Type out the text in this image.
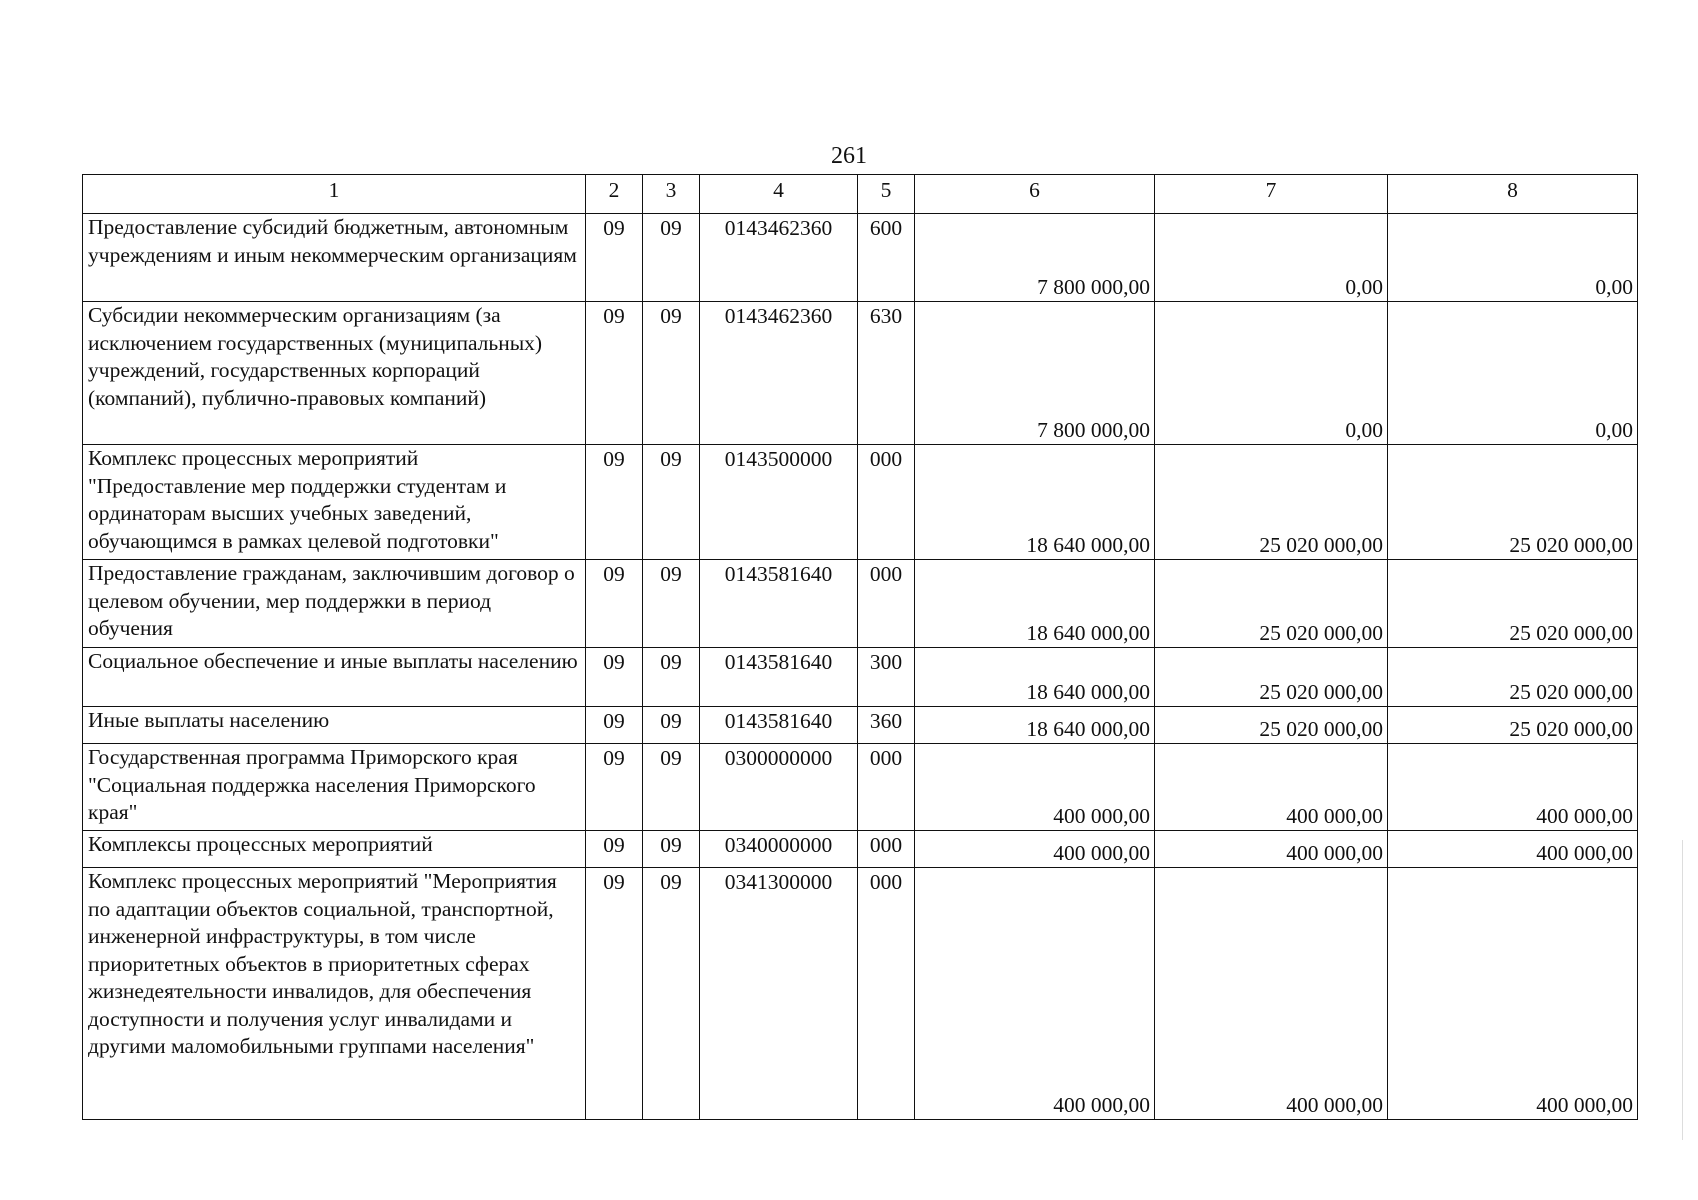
261
1	2	3	4	5	6	7	8
Предоставление субсидий бюджетным, автономным учреждениям и иным некоммерческим организациям	09	09	0143462360	600	7 800 000,00	0,00	0,00
Субсидии некоммерческим организациям (за исключением государственных (муниципальных) учреждений, государственных корпораций (компаний), публично-правовых компаний)	09	09	0143462360	630	7 800 000,00	0,00	0,00
Комплекс процессных мероприятий "Предоставление мер поддержки студентам и ординаторам высших учебных заведений, обучающимся в рамках целевой подготовки"	09	09	0143500000	000	18 640 000,00	25 020 000,00	25 020 000,00
Предоставление гражданам, заключившим договор о целевом обучении, мер поддержки в период обучения	09	09	0143581640	000	18 640 000,00	25 020 000,00	25 020 000,00
Социальное обеспечение и иные выплаты населению	09	09	0143581640	300	18 640 000,00	25 020 000,00	25 020 000,00
Иные выплаты населению	09	09	0143581640	360	18 640 000,00	25 020 000,00	25 020 000,00
Государственная программа Приморского края "Социальная поддержка населения Приморского края"	09	09	0300000000	000	400 000,00	400 000,00	400 000,00
Комплексы процессных мероприятий	09	09	0340000000	000	400 000,00	400 000,00	400 000,00
Комплекс процессных мероприятий "Мероприятия по адаптации объектов социальной, транспортной, инженерной инфраструктуры, в том числе приоритетных объектов в приоритетных сферах жизнедеятельности инвалидов, для обеспечения доступности и получения услуг инвалидами и другими маломобильными группами населения"	09	09	0341300000	000	400 000,00	400 000,00	400 000,00
